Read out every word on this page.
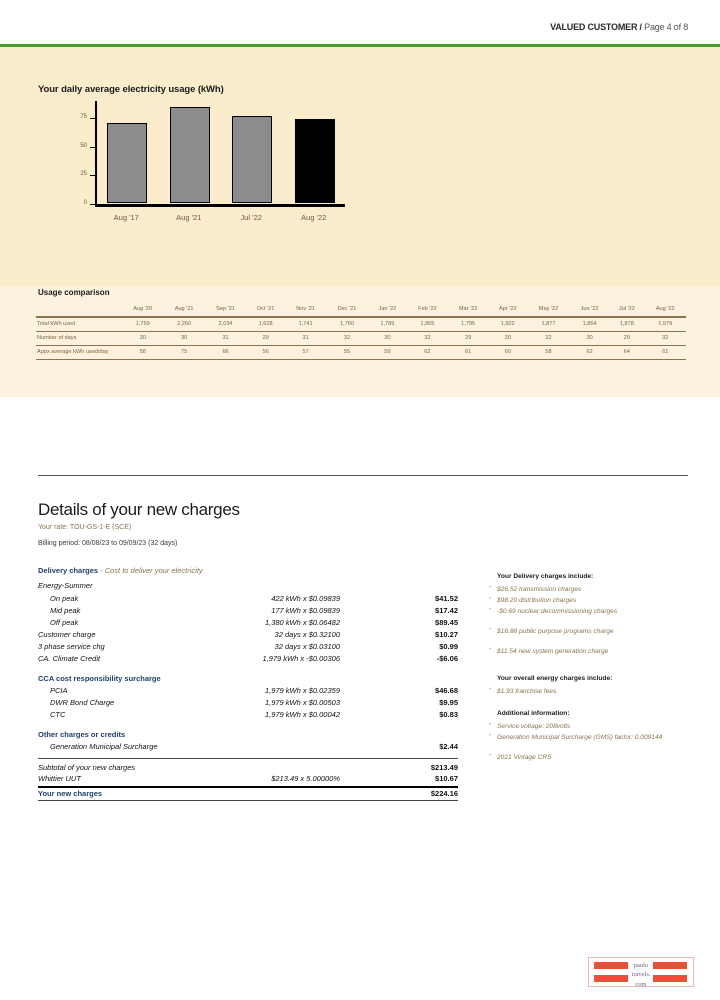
VALUED CUSTOMER / Page 4 of 8
Your daily average electricity usage (kWh)
0
25
50
75
Aug '17	Aug '21	Jul '22	Aug '22
Usage comparison
	Aug '20	Aug '21	Sep '21	Oct '21	Nov '21	Dec '21	Jan '22	Feb '22	Mar '22	Apr '22	May '22	Jun '22	Jul '22	Aug '22
Total kWh used	1,759	2,260	2,034	1,628	1,741	1,760	1,789	1,955	1,795	1,822	1,877	1,864	1,878	1,979
Number of days	30	30	31	29	31	32	30	32	29	30	32	30	29	32
Appx average kWh used/day	58	75	66	56	57	55	59	62	61	60	58	62	64	61
Details of your new charges
Your rate: TOU-GS-1-E (SCE)
Billing period: 08/08/23 to 09/09/23 (32 days)
Delivery charges - Cost to deliver your electricity
Energy-Summer
On peak	422 kWh x $0.09839	$41.52
Mid peak	177 kWh x $0.09839	$17.42
Off peak	1,380 kWh x $0.06482	$89.45
Customer charge	32 days x $0.32100	$10.27
3 phase service chg	32 days x $0.03100	$0.99
CA. Climate Credit	1,979 kWh x -$0.00306	-$6.06
CCA cost responsibility surcharge
PCIA	1,979 kWh x $0.02359	$46.68
DWR Bond Charge	1,979 kWh x $0.00503	$9.95
CTC	1,979 kWh x $0.00042	$0.83
Other charges or credits
Generation Municipal Surcharge	$2.44
Subtotal of your new charges	$213.49
Whittier UUT	$213.49 x 5.00000%	$10.67
Your new charges	$224.16
Your Delivery charges include:
- $26.52 transmission charges
- $98.20 distribution charges
- -$0.69 nuclear decommissioning charges
- $16.88 public purpose programs charge
- $11.54 new system generation charge
Your overall energy charges include:
- $1.93 franchise fees
Additional information:
- Service voltage: 208volts
- Generation Municipal Surcharge (GMS) factor: 0.009144
- 2021 Vintage CRS
paulo
travels.
com
